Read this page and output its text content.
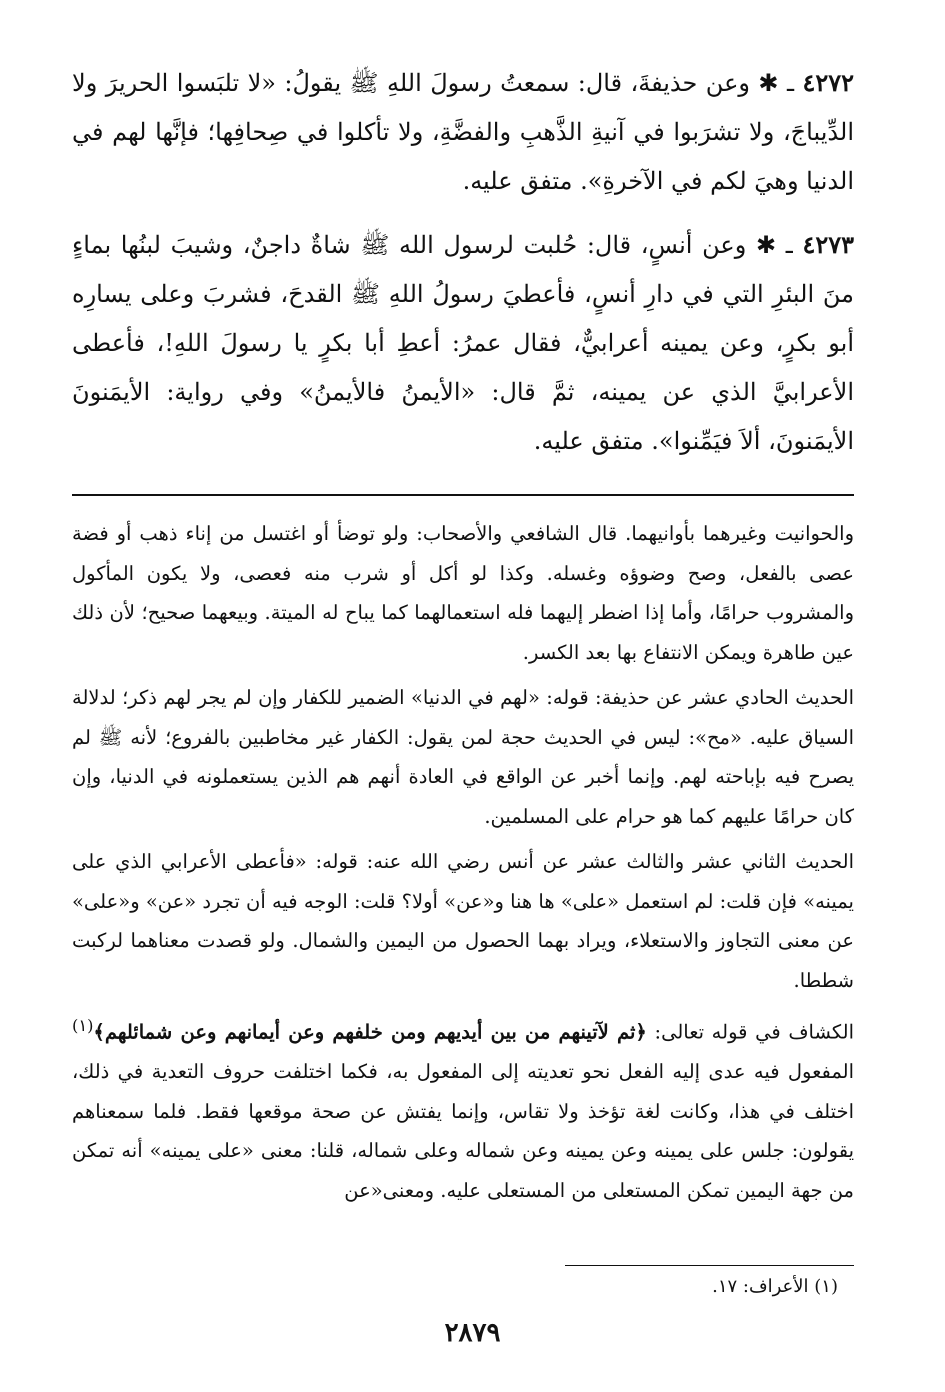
٤٢٧٢ ـ ✱ وعن حذيفةَ، قال: سمعتُ رسولَ اللهِ ﷺ يقولُ: «لا تلبَسوا الحريرَ ولا الدِّيباجَ، ولا تشرَبوا في آنيةِ الذَّهبِ والفضَّةِ، ولا تأكلوا في صِحافِها؛ فإنَّها لهم في الدنيا وهيَ لكم في الآخرةِ». متفق عليه.

٤٢٧٣ ـ ✱ وعن أنسٍ، قال: حُلبت لرسول الله ﷺ شاةٌ داجنٌ، وشيبَ لبنُها بماءٍ منَ البئرِ التي في دارِ أنسٍ، فأعطيَ رسولُ اللهِ ﷺ القدحَ، فشربَ وعلى يسارِه أبو بكرٍ، وعن يمينه أعرابيٌّ، فقال عمرُ: أعطِ أبا بكرٍ يا رسولَ اللهِ!، فأعطى الأعرابيَّ الذي عن يمينه، ثمَّ قال: «الأيمنُ فالأيمنُ» وفي رواية: الأيمَنونَ الأيمَنونَ، ألاَ فيَمِّنوا». متفق عليه.

والحوانيت وغيرهما بأوانيهما. قال الشافعي والأصحاب: ولو توضأ أو اغتسل من إناء ذهب أو فضة عصى بالفعل، وصح وضوؤه وغسله. وكذا لو أكل أو شرب منه فعصى، ولا يكون المأكول والمشروب حرامًا، وأما إذا اضطر إليهما فله استعمالهما كما يباح له الميتة. وبيعهما صحيح؛ لأن ذلك عين طاهرة ويمكن الانتفاع بها بعد الكسر.

الحديث الحادي عشر عن حذيفة: قوله: «لهم في الدنيا» الضمير للكفار وإن لم يجر لهم ذكر؛ لدلالة السياق عليه. «مح»: ليس في الحديث حجة لمن يقول: الكفار غير مخاطبين بالفروع؛ لأنه ﷺ لم يصرح فيه بإباحته لهم. وإنما أخبر عن الواقع في العادة أنهم هم الذين يستعملونه في الدنيا، وإن كان حرامًا عليهم كما هو حرام على المسلمين.

الحديث الثاني عشر والثالث عشر عن أنس رضي الله عنه: قوله: «فأعطى الأعرابي الذي على يمينه» فإن قلت: لم استعمل «على» ها هنا و«عن» أولا؟ قلت: الوجه فيه أن تجرد «عن» و«على» عن معنى التجاوز والاستعلاء، ويراد بهما الحصول من اليمين والشمال. ولو قصدت معناهما لركبت شططا.

الكشاف في قوله تعالى: ﴿ثم لآتينهم من بين أيديهم ومن خلفهم وعن أيمانهم وعن شمائلهم﴾$^{(١)}$ المفعول فيه عدى إليه الفعل نحو تعديته إلى المفعول به، فكما اختلفت حروف التعدية في ذلك، اختلف في هذا، وكانت لغة تؤخذ ولا تقاس، وإنما يفتش عن صحة موقعها فقط. فلما سمعناهم يقولون: جلس على يمينه وعن يمينه وعن شماله وعلى شماله، قلنا: معنى «على يمينه» أنه تمكن من جهة اليمين تمكن المستعلى من المستعلى عليه. ومعنى«عن

(١) الأعراف: ١٧.
٢٨٧٩
